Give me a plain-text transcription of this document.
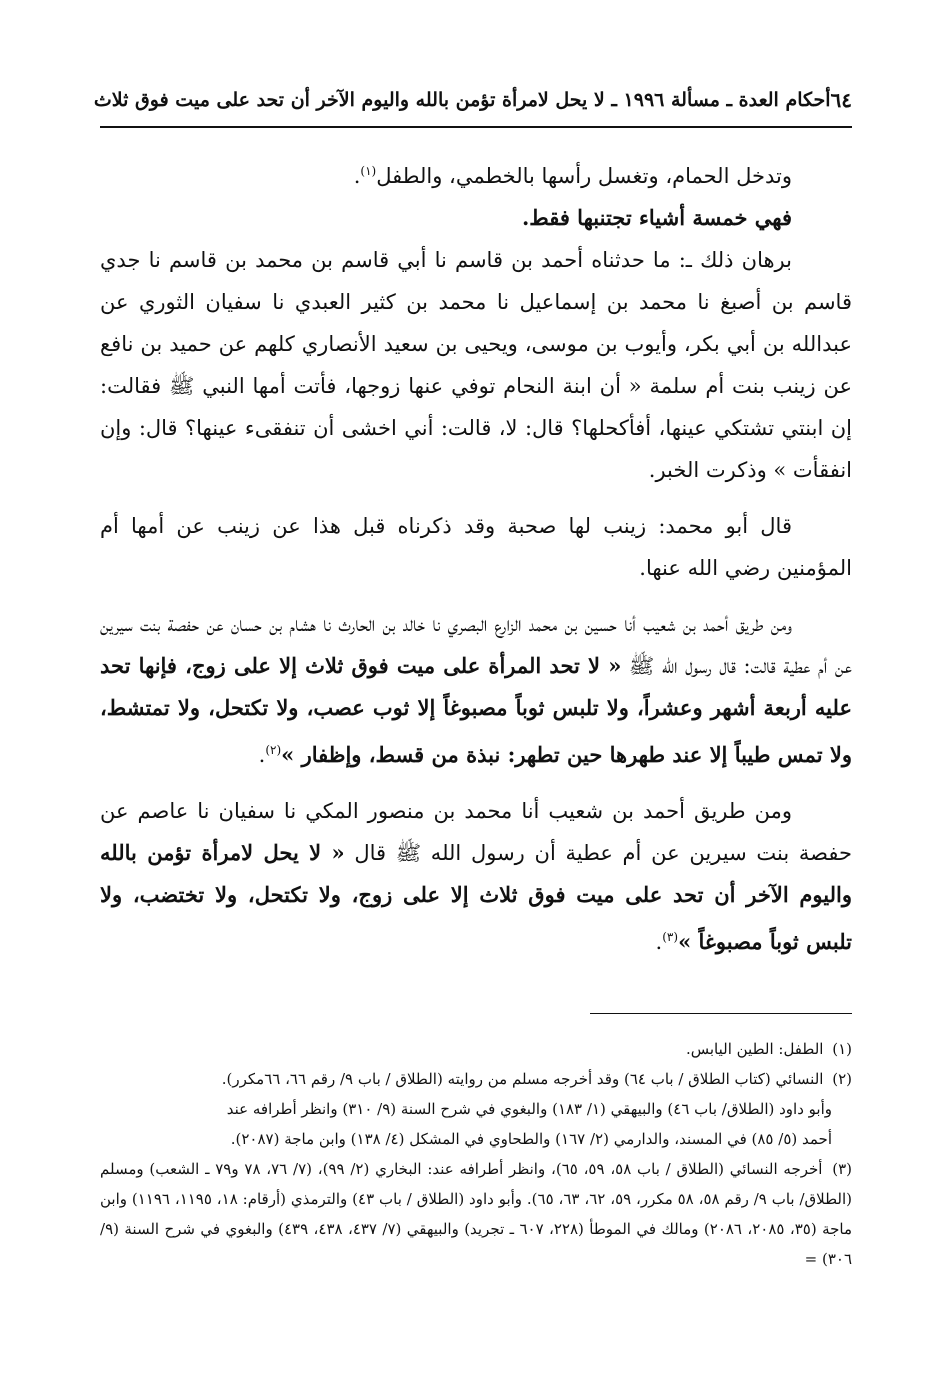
٦٤
أحكام العدة ـ مسألة ١٩٩٦ ـ لا يحل لامرأة تؤمن بالله واليوم الآخر أن تحد على ميت فوق ثلاث

وتدخل الحمام، وتغسل رأسها بالخطمي، والطفل$^{(١)}$.

فهي خمسة أشياء تجتنبها فقط.

برهان ذلك ـ: ما حدثناه أحمد بن قاسم نا أبي قاسم بن محمد بن قاسم نا جدي قاسم بن أصبغ نا محمد بن إسماعيل نا محمد بن كثير العبدي نا سفيان الثوري عن عبدالله بن أبي بكر، وأيوب بن موسى، ويحيى بن سعيد الأنصاري كلهم عن حميد بن نافع عن زينب بنت أم سلمة « أن ابنة النحام توفي عنها زوجها، فأتت أمها النبي ﷺ فقالت: إن ابنتي تشتكي عينها، أفأكحلها؟ قال: لا، قالت: أني اخشى أن تنفقىء عينها؟ قال: وإن انفقأت » وذكرت الخبر.

قال أبو محمد: زينب لها صحبة وقد ذكرناه قبل هذا عن زينب عن أمها أم المؤمنين رضي الله عنها.

ومن طريق أحمد بن شعيب أنا حسين بن محمد الزارع البصري نا خالد بن الحارث نا هشام بن حسان عن حفصة بنت سيرين عن أم عطية قالت: قال رسول الله ﷺ « لا تحد المرأة على ميت فوق ثلاث إلا على زوج، فإنها تحد عليه أربعة أشهر وعشراً، ولا تلبس ثوباً مصبوغاً إلا ثوب عصب، ولا تكتحل، ولا تمتشط، ولا تمس طيباً إلا عند طهرها حين تطهر: نبذة من قسط، وإظفار »$^{(٢)}$.

ومن طريق أحمد بن شعيب أنا محمد بن منصور المكي نا سفيان نا عاصم عن حفصة بنت سيرين عن أم عطية أن رسول الله ﷺ قال « لا يحل لامرأة تؤمن بالله واليوم الآخر أن تحد على ميت فوق ثلاث إلا على زوج، ولا تكتحل، ولا تختضب، ولا تلبس ثوباً مصبوغاً »$^{(٣)}$.

(١) الطفل: الطين اليابس.

(٢) النسائي (كتاب الطلاق / باب ٦٤) وقد أخرجه مسلم من روايته (الطلاق / باب ٩/ رقم ٦٦، ٦٦مكرر).

وأبو داود (الطلاق/ باب ٤٦) والبيهقي (١/ ١٨٣) والبغوي في شرح السنة (٩/ ٣١٠) وانظر أطرافه عند

أحمد (٥/ ٨٥) في المسند، والدارمي (٢/ ١٦٧) والطحاوي في المشكل (٤/ ١٣٨) وابن ماجة (٢٠٨٧).

(٣) أخرجه النسائي (الطلاق / باب ٥٨، ٥٩، ٦٥)، وانظر أطرافه عند: البخاري (٢/ ٩٩)، (٧/ ٧٦، ٧٨ و٧٩ ـ الشعب) ومسلم (الطلاق/ باب ٩/ رقم ٥٨، ٥٨ مكرر، ٥٩، ٦٢، ٦٣، ٦٥). وأبو داود (الطلاق / باب ٤٣) والترمذي (أرقام: ١٨، ١١٩٥، ١١٩٦) وابن ماجة (٣٥، ٢٠٨٥، ٢٠٨٦) ومالك في الموطأ (٢٢٨، ٦٠٧ ـ تجريد) والبيهقي (٧/ ٤٣٧، ٤٣٨، ٤٣٩) والبغوي في شرح السنة (٩/ ٣٠٦) =
